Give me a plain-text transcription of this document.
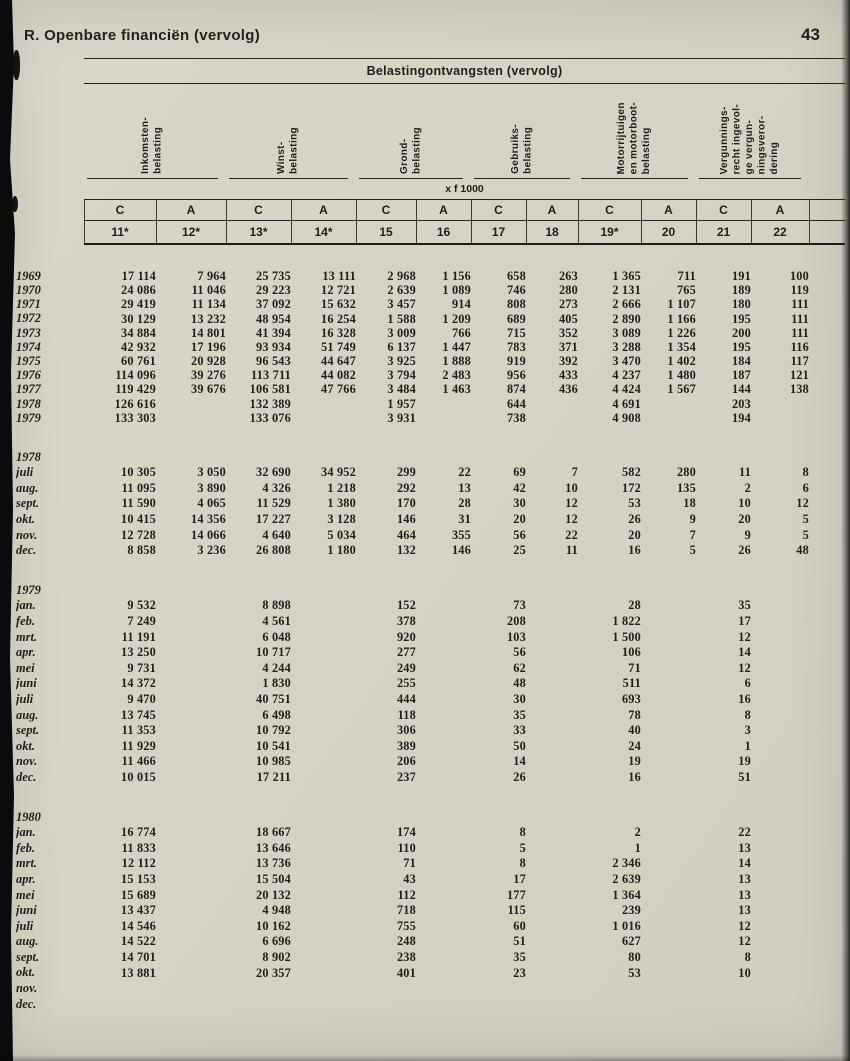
R. Openbare financiën (vervolg)	43
	Belastingontvangsten (vervolg)												

Inkomsten- belasting	Winst- belasting	Grond- belasting	Gebruiks- belasting	Motorrijtuigen en motorboot- belasting	Vergunnings- recht ingevol- ge vergun- ningsveror- dering

	x f 1000												
	C	A	C	A	C	A	C	A	C	A	C	A	
	11*	12*	13*	14*	15	16	17	18	19*	20	21	22	

1969	17 114	7 964	25 735	13 111	2 968	1 156	658	263	1 365	711	191	100	
1970	24 086	11 046	29 223	12 721	2 639	1 089	746	280	2 131	765	189	119	
1971	29 419	11 134	37 092	15 632	3 457	914	808	273	2 666	1 107	180	111	
1972	30 129	13 232	48 954	16 254	1 588	1 209	689	405	2 890	1 166	195	111	
1973	34 884	14 801	41 394	16 328	3 009	766	715	352	3 089	1 226	200	111	
1974	42 932	17 196	93 934	51 749	6 137	1 447	783	371	3 288	1 354	195	116	
1975	60 761	20 928	96 543	44 647	3 925	1 888	919	392	3 470	1 402	184	117	
1976	114 096	39 276	113 711	44 082	3 794	2 483	956	433	4 237	1 480	187	121	
1977	119 429	39 676	106 581	47 766	3 484	1 463	874	436	4 424	1 567	144	138	
1978	126 616		132 389		1 957		644		4 691		203		
1979	133 303		133 076		3 931		738		4 908		194		

1978													
juli	10 305	3 050	32 690	34 952	299	22	69	7	582	280	11	8	
aug.	11 095	3 890	4 326	1 218	292	13	42	10	172	135	2	6	
sept.	11 590	4 065	11 529	1 380	170	28	30	12	53	18	10	12	
okt.	10 415	14 356	17 227	3 128	146	31	20	12	26	9	20	5	
nov.	12 728	14 066	4 640	5 034	464	355	56	22	20	7	9	5	
dec.	8 858	3 236	26 808	1 180	132	146	25	11	16	5	26	48	

1979													
jan.	9 532		8 898		152		73		28		35		
feb.	7 249		4 561		378		208		1 822		17		
mrt.	11 191		6 048		920		103		1 500		12		
apr.	13 250		10 717		277		56		106		14		
mei	9 731		4 244		249		62		71		12		
juni	14 372		1 830		255		48		511		6		
juli	9 470		40 751		444		30		693		16		
aug.	13 745		6 498		118		35		78		8		
sept.	11 353		10 792		306		33		40		3		
okt.	11 929		10 541		389		50		24		1		
nov.	11 466		10 985		206		14		19		19		
dec.	10 015		17 211		237		26		16		51		

1980													
jan.	16 774		18 667		174		8		2		22		
feb.	11 833		13 646		110		5		1		13		
mrt.	12 112		13 736		71		8		2 346		14		
apr.	15 153		15 504		43		17		2 639		13		
mei	15 689		20 132		112		177		1 364		13		
juni	13 437		4 948		718		115		239		13		
juli	14 546		10 162		755		60		1 016		12		
aug.	14 522		6 696		248		51		627		12		
sept.	14 701		8 902		238		35		80		8		
okt.	13 881		20 357		401		23		53		10		
nov.													
dec.													
